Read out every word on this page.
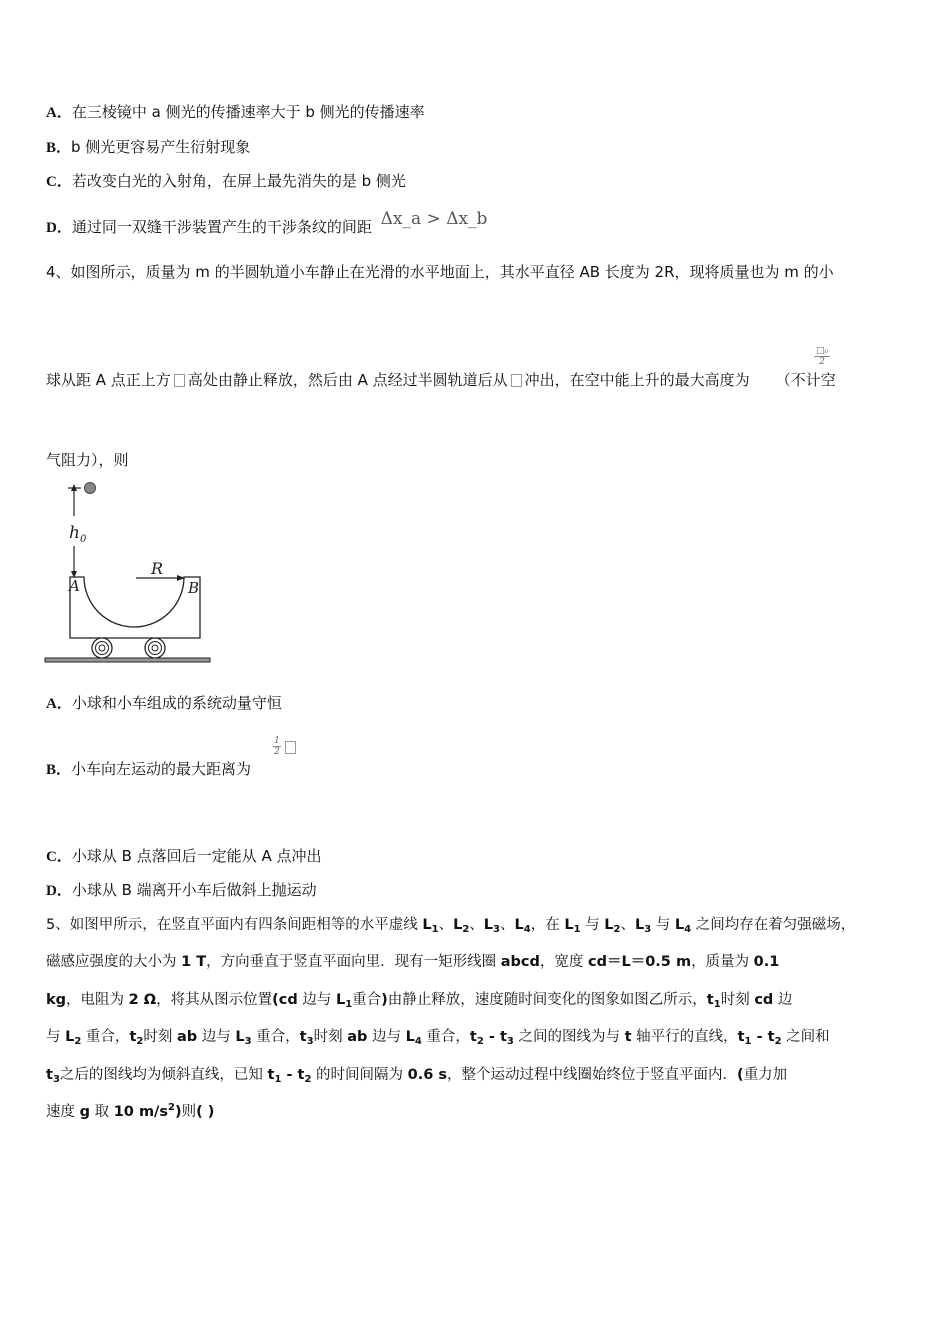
A．在三棱镜中 a 侧光的传播速率大于 b 侧光的传播速率
B．b 侧光更容易产生衍射现象
C．若改变白光的入射角，在屏上最先消失的是 b 侧光
D．通过同一双缝干涉装置产生的干涉条纹的间距 Δx_a > Δx_b
4、如图所示，质量为 m 的半圆轨道小车静止在光滑的水平地面上，其水平直径 AB 长度为 2R，现将质量也为 m 的小
球从距 A 点正上方 高处由静止释放，然后由 A 点经过半圆轨道后从 冲出，在空中能上升的最大高度为 （不计空
□₀
2
气阻力），则
$h_0$
A	B
R
A．小球和小车组成的系统动量守恒
B．小车向左运动的最大距离为
$\frac{1}{2}$
C．小球从 B 点落回后一定能从 A 点冲出
D．小球从 B 端离开小车后做斜上抛运动
5、如图甲所示，在竖直平面内有四条间距相等的水平虚线 $L_1$、$L_2$、$L_3$、$L_4$，在 $L_1$ 与 $L_2$、$L_3$ 与 $L_4$ 之间均存在着匀强磁场，
磁感应强度的大小为 1 T，方向垂直于竖直平面向里．现有一矩形线圈 abcd，宽度 cd＝L＝0.5 m，质量为 0.1
kg，电阻为 2 Ω，将其从图示位置(cd 边与 $L_1$重合)由静止释放，速度随时间变化的图象如图乙所示，$t_1$时刻 cd 边
与 $L_2$ 重合，$t_2$时刻 ab 边与 $L_3$ 重合，$t_3$时刻 ab 边与 $L_4$ 重合，$t_2 - t_3$ 之间的图线为与 t 轴平行的直线，$t_1 - t_2$ 之间和
$t_3$之后的图线均为倾斜直线，已知 $t_1 - t_2$ 的时间间隔为 0.6 s，整个运动过程中线圈始终位于竖直平面内．(重力加
速度 g 取 10 $m/s^2$)则( )
